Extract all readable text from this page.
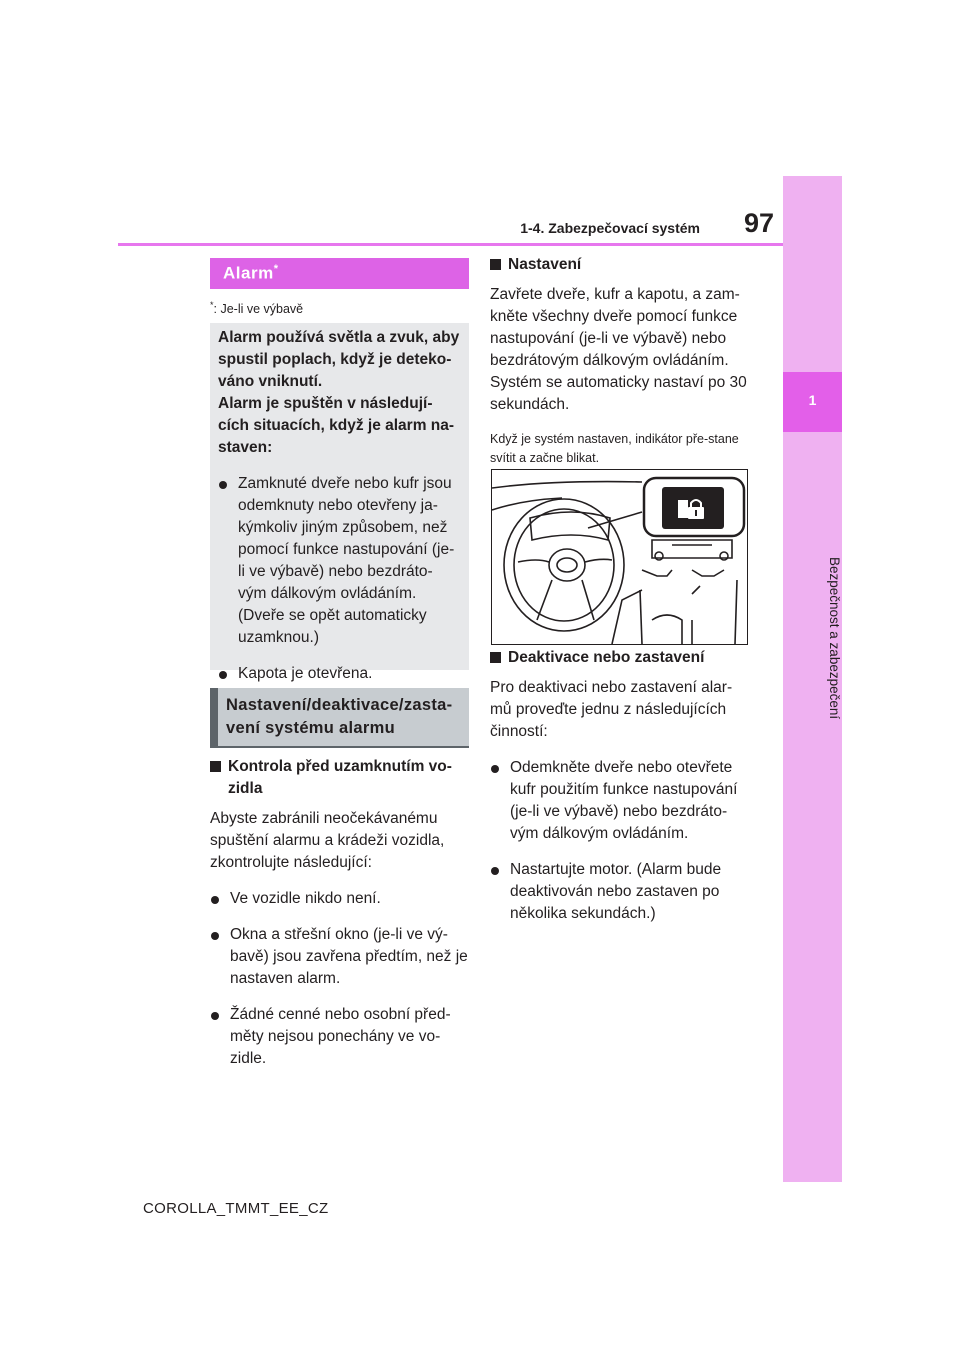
97
1-4. Zabezpečovací systém
1
Bezpečnost a zabezpečení
Alarm*
*: Je-li ve výbavě

Alarm používá světla a zvuk, aby spustil poplach, když je deteko-váno vniknutí.

Alarm je spuštěn v následují-cích situacích, když je alarm na-staven:

Zamknuté dveře nebo kufr jsou odemknuty nebo otevřeny ja-kýmkoliv jiným způsobem, než pomocí funkce nastupování (je-li ve výbavě) nebo bezdráto-vým dálkovým ovládáním. (Dveře se opět automaticky uzamknou.)
Kapota je otevřena.
Nastavení/deaktivace/zasta-vení systému alarmu
Kontrola před uzamknutím vo-zidla

Abyste zabránili neočekávanému spuštění alarmu a krádeži vozidla, zkontrolujte následující:

Ve vozidle nikdo není.
Okna a střešní okno (je-li ve vý-bavě) jsou zavřena předtím, než je nastaven alarm.
Žádné cenné nebo osobní před-měty nejsou ponechány ve vo-zidle.
Nastavení

Zavřete dveře, kufr a kapotu, a zam-kněte všechny dveře pomocí funkce nastupování (je-li ve výbavě) nebo bezdrátovým dálkovým ovládáním. Systém se automaticky nastaví po 30 sekundách.

Když je systém nastaven, indikátor pře-stane svítit a začne blikat.

Deaktivace nebo zastavení

Pro deaktivaci nebo zastavení alar-mů proveďte jednu z následujících činností:

Odemkněte dveře nebo otevřete kufr použitím funkce nastupování (je-li ve výbavě) nebo bezdráto-vým dálkovým ovládáním.
Nastartujte motor. (Alarm bude deaktivován nebo zastaven po několika sekundách.)
COROLLA_TMMT_EE_CZ
